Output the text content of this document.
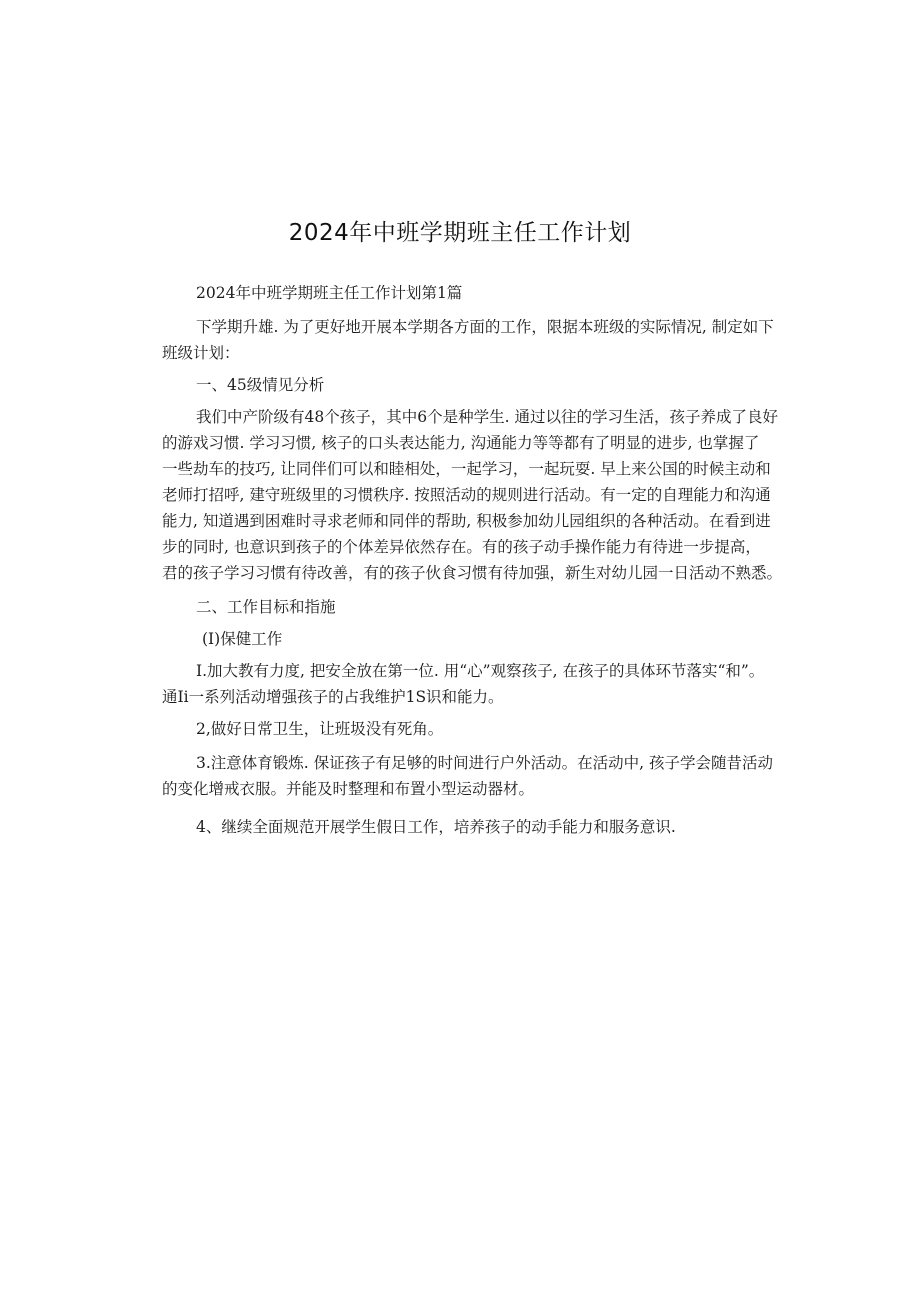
2024年中班学期班主任工作计划
2024年中班学期班主任工作计划第1篇
下学期升雄. 为了更好地开展本学期各方面的工作，限据本班级的实际情况, 制定如下
班级计划：
一、45级情见分析
我们中产阶级有48个孩子，其中6个是种学生. 通过以往的学习生活，孩子养成了良好
的游戏习惯. 学习习惯, 核子的口头表达能力, 沟通能力等等都有了明显的进步, 也掌握了
一些劫车的技巧, 让同伴们可以和睦相处，一起学习，一起玩耍. 早上来公国的时候主动和
老师打招呼, 建守班级里的习惯秩序. 按照活动的规则进行活动。有一定的自理能力和沟通
能力, 知道遇到困难时寻求老师和同伴的帮助, 积极参加幼儿园组织的各种活动。在看到进
步的同时, 也意识到孩子的个体差异依然存在。有的孩子动手操作能力有待进一步提高，
君的孩子学习习惯有待改善，有的孩子伙食习惯有待加强，新生对幼儿园一日活动不熟悉。
二、工作目标和指施
(I)保健工作
I.加大教有力度, 把安全放在第一位. 用“心”观察孩子, 在孩子的具体环节落实“和”。
通Ii一系列活动增强孩子的占我维护1S识和能力。
2,做好日常卫生，让班圾没有死角。
3.注意体育锻炼. 保证孩子有足够的时间进行户外活动。在活动中, 孩子学会随昔活动
的变化增戒衣服。并能及时整理和布置小型运动器材。
4、继续全面规范开展学生假日工作，培养孩子的动手能力和服务意识.
